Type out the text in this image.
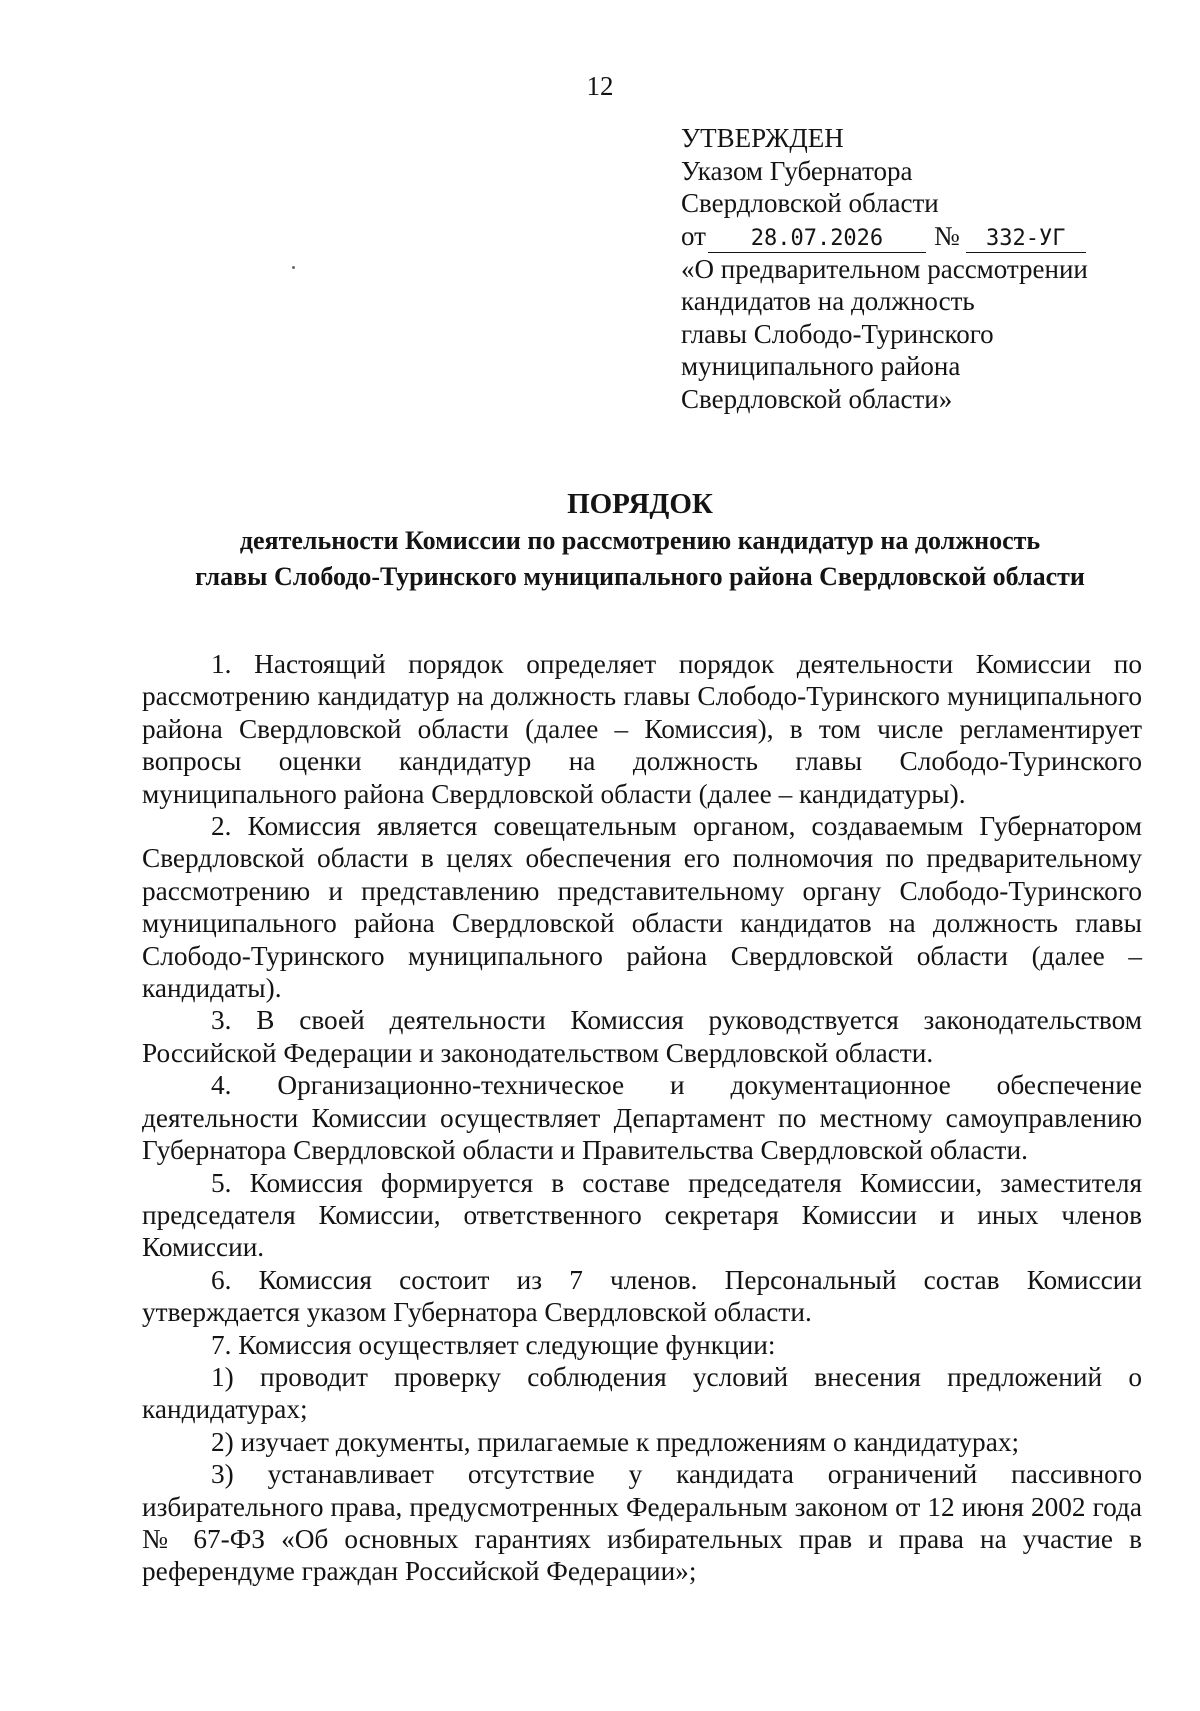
12
УТВЕРЖДЕН
Указом Губернатора
Свердловской области
от 28.07.2026 № 332-УГ
«О предварительном рассмотрении
кандидатов на должность
главы Слободо-Туринского
муниципального района
Свердловской области»
ПОРЯДОК
деятельности Комиссии по рассмотрению кандидатур на должность
главы Слободо-Туринского муниципального района Свердловской области

1. Настоящий порядок определяет порядок деятельности Комиссии по рассмотрению кандидатур на должность главы Слободо-Туринского муниципального района Свердловской области (далее – Комиссия), в том числе регламентирует вопросы оценки кандидатур на должность главы Слободо-Туринского муниципального района Свердловской области (далее – кандидатуры).

2. Комиссия является совещательным органом, создаваемым Губернатором Свердловской области в целях обеспечения его полномочия по предварительному рассмотрению и представлению представительному органу Слободо-Туринского муниципального района Свердловской области кандидатов на должность главы Слободо-Туринского муниципального района Свердловской области (далее – кандидаты).

3. В своей деятельности Комиссия руководствуется законодательством Российской Федерации и законодательством Свердловской области.

4. Организационно-техническое и документационное обеспечение деятельности Комиссии осуществляет Департамент по местному самоуправлению Губернатора Свердловской области и Правительства Свердловской области.

5. Комиссия формируется в составе председателя Комиссии, заместителя председателя Комиссии, ответственного секретаря Комиссии и иных членов Комиссии.

6. Комиссия состоит из 7 членов. Персональный состав Комиссии утверждается указом Губернатора Свердловской области.

7. Комиссия осуществляет следующие функции:

1) проводит проверку соблюдения условий внесения предложений о кандидатурах;

2) изучает документы, прилагаемые к предложениям о кандидатурах;

3) устанавливает отсутствие у кандидата ограничений пассивного избирательного права, предусмотренных Федеральным законом от 12 июня 2002 года № 67-ФЗ «Об основных гарантиях избирательных прав и права на участие в референдуме граждан Российской Федерации»;
